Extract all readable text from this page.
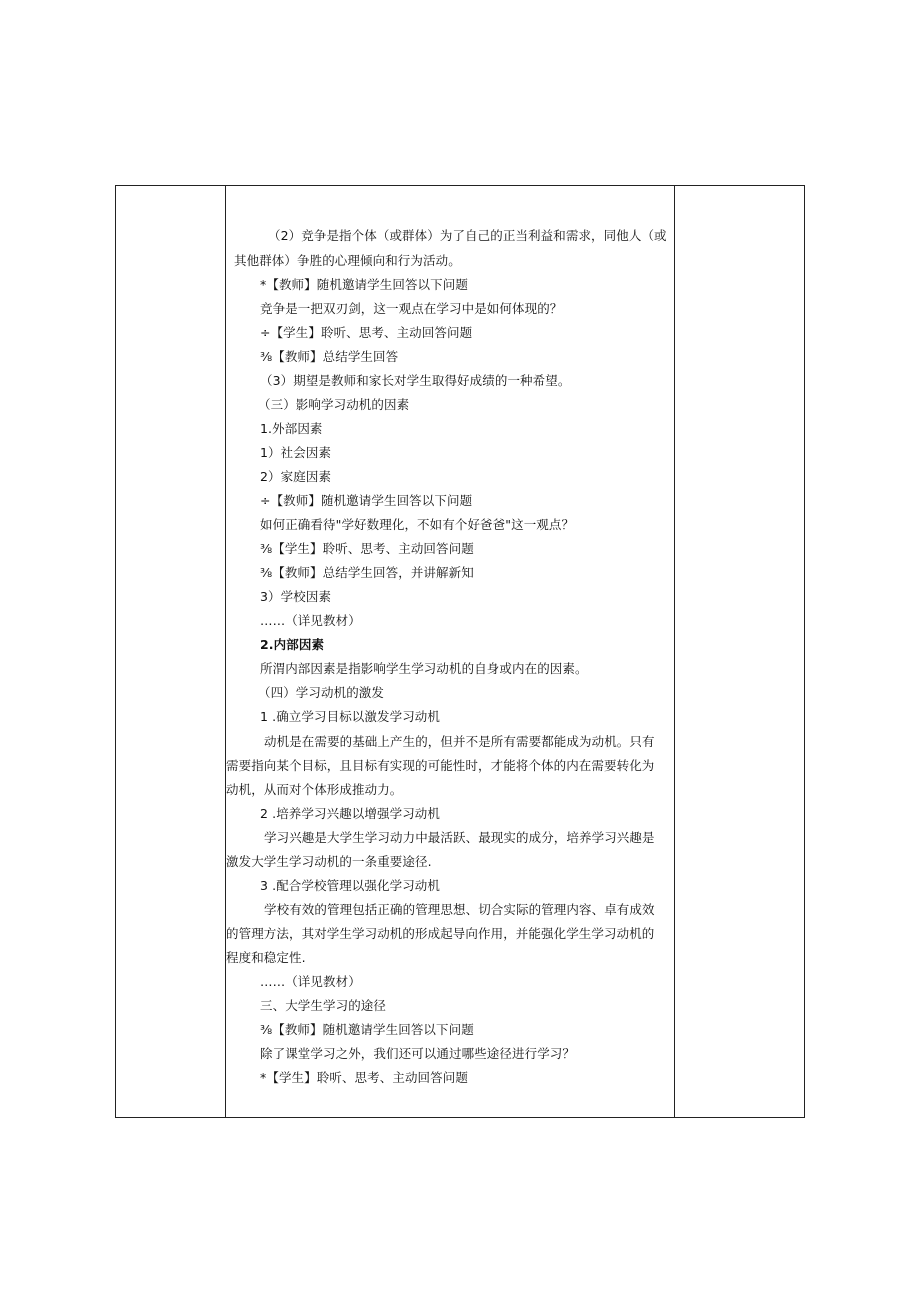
（2）竞争是指个体（或群体）为了自己的正当利益和需求，同他人（或
其他群体）争胜的心理倾向和行为活动。
*【教师】随机邀请学生回答以下问题
竞争是一把双刃剑，这一观点在学习中是如何体现的？
÷【学生】聆听、思考、主动回答问题
⅜【教师】总结学生回答
（3）期望是教师和家长对学生取得好成绩的一种希望。
（三）影响学习动机的因素
1.外部因素
1）社会因素
2）家庭因素
÷【教师】随机邀请学生回答以下问题
如何正确看待"学好数理化，不如有个好爸爸"这一观点？
⅜【学生】聆听、思考、主动回答问题
⅜【教师】总结学生回答，并讲解新知
3）学校因素
……（详见教材）
2.内部因素
所渭内部因素是指影响学生学习动机的自身或内在的因素。
（四）学习动机的激发
1 .确立学习目标以激发学习动机
动机是在需要的基础上产生的，但并不是所有需要都能成为动机。只有
需要指向某个目标，且目标有实现的可能性时，才能将个体的内在需要转化为
动机，从而对个体形成推动力。
2 .培养学习兴趣以增强学习动机
学习兴趣是大学生学习动力中最活跃、最现实的成分，培养学习兴趣是
激发大学生学习动机的一条重要途径.
3 .配合学校管理以强化学习动机
学校有效的管理包括正确的管理思想、切合实际的管理内容、卓有成效
的管理方法，其对学生学习动机的形成起导向作用，并能强化学生学习动机的
程度和稳定性.
……（详见教材）
三、大学生学习的途径
⅜【教师】随机邀请学生回答以下问题
除了课堂学习之外，我们还可以通过哪些途径进行学习？
*【学生】聆听、思考、主动回答问题
